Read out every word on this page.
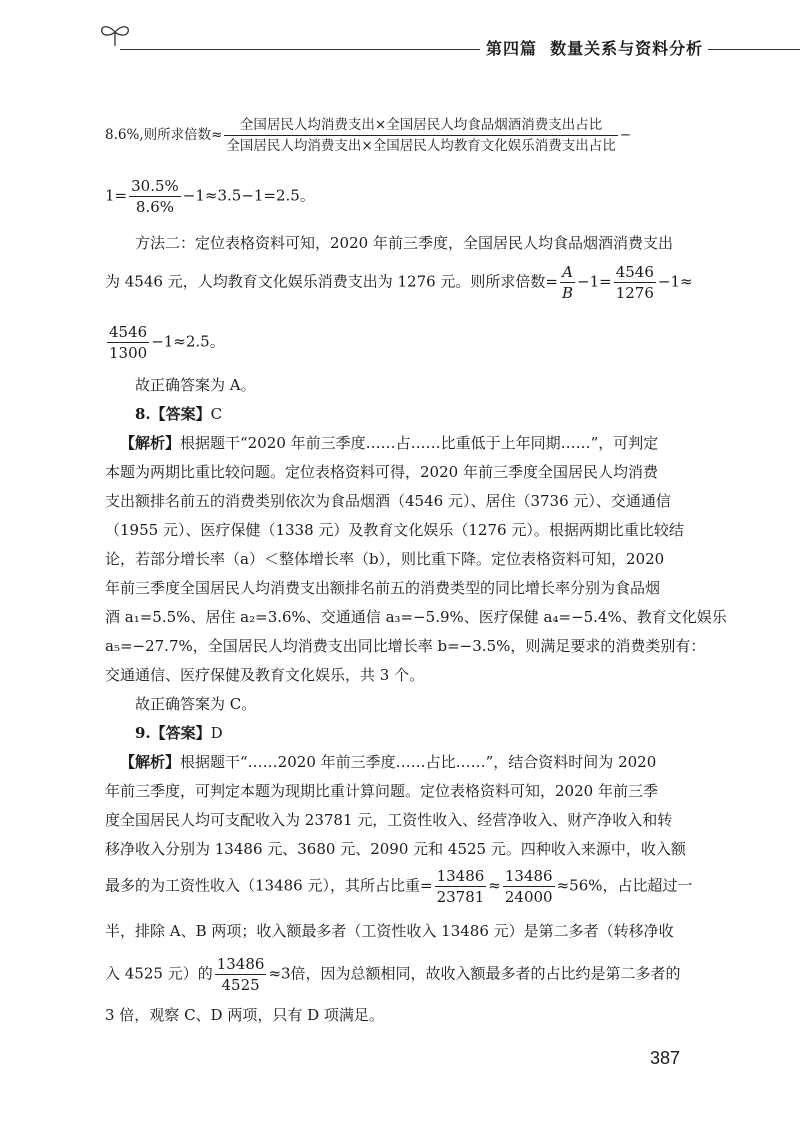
第四篇 数量关系与资料分析
8.6%,则所求倍数≈ $\frac{\text{全国居民人均消费支出×全国居民人均食品烟酒消费支出占比}}{\text{全国居民人均消费支出×全国居民人均教育文化娱乐消费支出占比}}$ −
$1= \frac{30.5\%}{8.6\%} -1\approx 3.5-1=2.5$。
方法二：定位表格资料可知，2020 年前三季度，全国居民人均食品烟酒消费支出
为 4546 元，人均教育文化娱乐消费支出为 1276 元。则所求倍数= $\frac{A}{B} -1= \frac{4546}{1276} -1\approx$
$\frac{4546}{1300} -1\approx 2.5$。
故正确答案为 A。
8.【答案】C
【解析】根据题干“2020 年前三季度……占……比重低于上年同期……”，可判定
本题为两期比重比较问题。定位表格资料可得，2020 年前三季度全国居民人均消费
支出额排名前五的消费类别依次为食品烟酒（4546 元）、居住（3736 元）、交通通信
（1955 元）、医疗保健（1338 元）及教育文化娱乐（1276 元）。根据两期比重比较结
论，若部分增长率（a）＜整体增长率（b），则比重下降。定位表格资料可知，2020
年前三季度全国居民人均消费支出额排名前五的消费类型的同比增长率分别为食品烟
酒 a₁=5.5%、居住 a₂=3.6%、交通通信 a₃=−5.9%、医疗保健 a₄=−5.4%、教育文化娱乐
a₅=−27.7%，全国居民人均消费支出同比增长率 b=−3.5%，则满足要求的消费类别有：
交通通信、医疗保健及教育文化娱乐，共 3 个。
故正确答案为 C。
9.【答案】D
【解析】根据题干“……2020 年前三季度……占比……”，结合资料时间为 2020
年前三季度，可判定本题为现期比重计算问题。定位表格资料可知，2020 年前三季
度全国居民人均可支配收入为 23781 元，工资性收入、经营净收入、财产净收入和转
移净收入分别为 13486 元、3680 元、2090 元和 4525 元。四种收入来源中，收入额
最多的为工资性收入（13486 元），其所占比重= $\frac{13486}{23781} \approx \frac{13486}{24000} \approx 56\%$，占比超过一
半，排除 A、B 两项；收入额最多者（工资性收入 13486 元）是第二多者（转移净收
入 4525 元）的 $\frac{13486}{4525} \approx 3$倍，因为总额相同，故收入额最多者的占比约是第二多者的
3 倍，观察 C、D 两项，只有 D 项满足。
387
